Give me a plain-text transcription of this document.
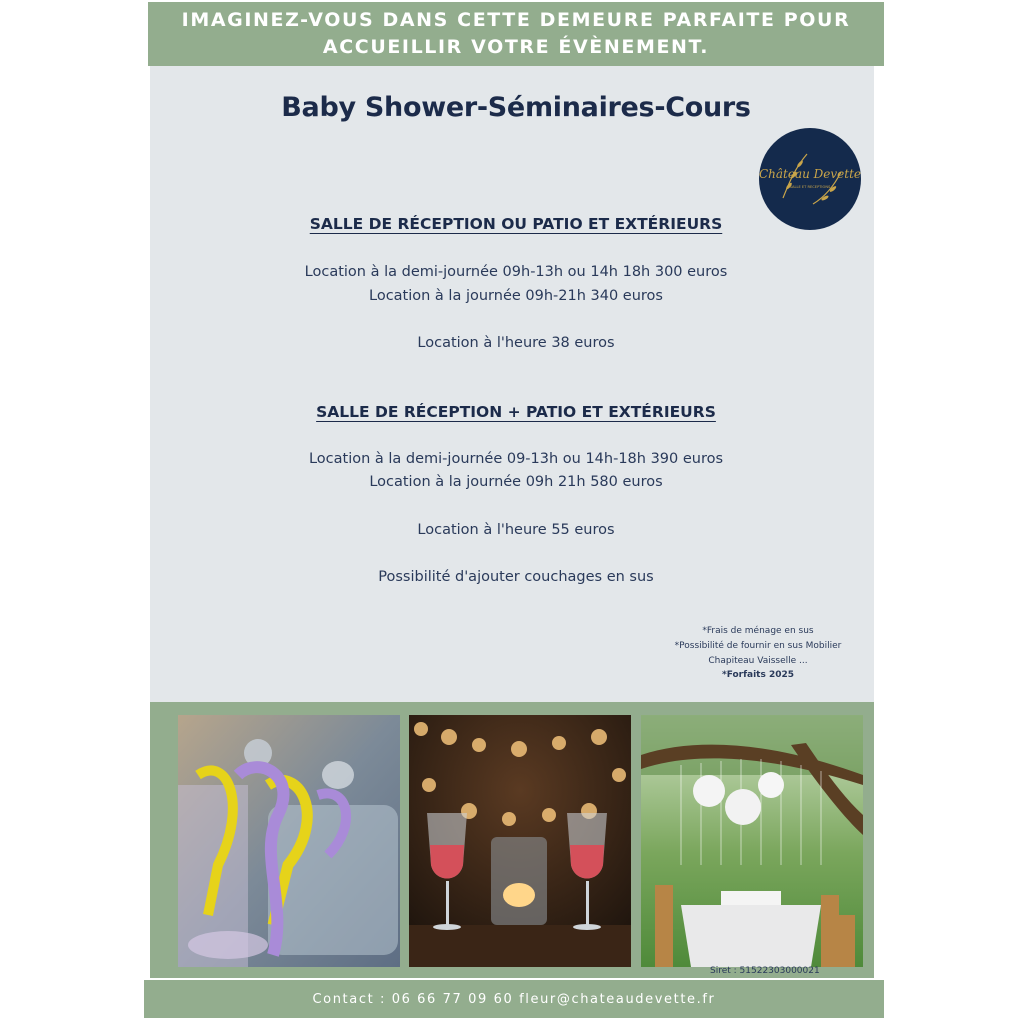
IMAGINEZ-VOUS DANS CETTE DEMEURE PARFAITE POUR
ACCUEILLIR VOTRE ÉVÈNEMENT.
Baby Shower-Séminaires-Cours
Château Devette
SALLE ET RECEPTIONS
SALLE DE RÉCEPTION OU PATIO ET EXTÉRIEURS
Location à la demi-journée 09h-13h ou 14h 18h 300 euros
Location à la journée 09h-21h 340 euros
Location à l'heure 38 euros
SALLE DE RÉCEPTION + PATIO ET EXTÉRIEURS
Location à la demi-journée 09-13h ou 14h-18h 390 euros
Location à la journée 09h 21h 580 euros
Location à l'heure 55 euros
Possibilité d'ajouter couchages en sus
*Frais de ménage en sus
*Possibilité de fournir en sus Mobilier
Chapiteau Vaisselle ...
*Forfaits 2025
Siret : 51522303000021
Contact : 06 66 77 09 60 fleur@chateaudevette.fr
